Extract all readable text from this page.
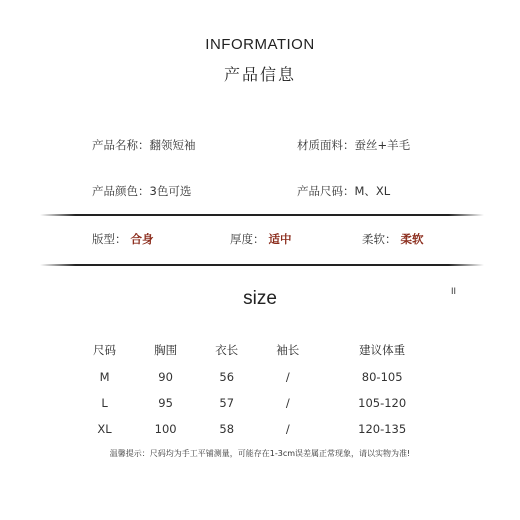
INFORMATION
产品信息
产品名称：翻领短袖	材质面料：蚕丝+羊毛
产品颜色：3色可选	产品尺码：M、XL
版型： 合身	厚度： 适中	柔软： 柔软
size	II
尺码	胸围	衣长	袖长	建议体重
M	90	56	/	80-105
L	95	57	/	105-120
XL	100	58	/	120-135
温馨提示：尺码均为手工平铺测量，可能存在1-3cm误差属正常现象，请以实物为准!
